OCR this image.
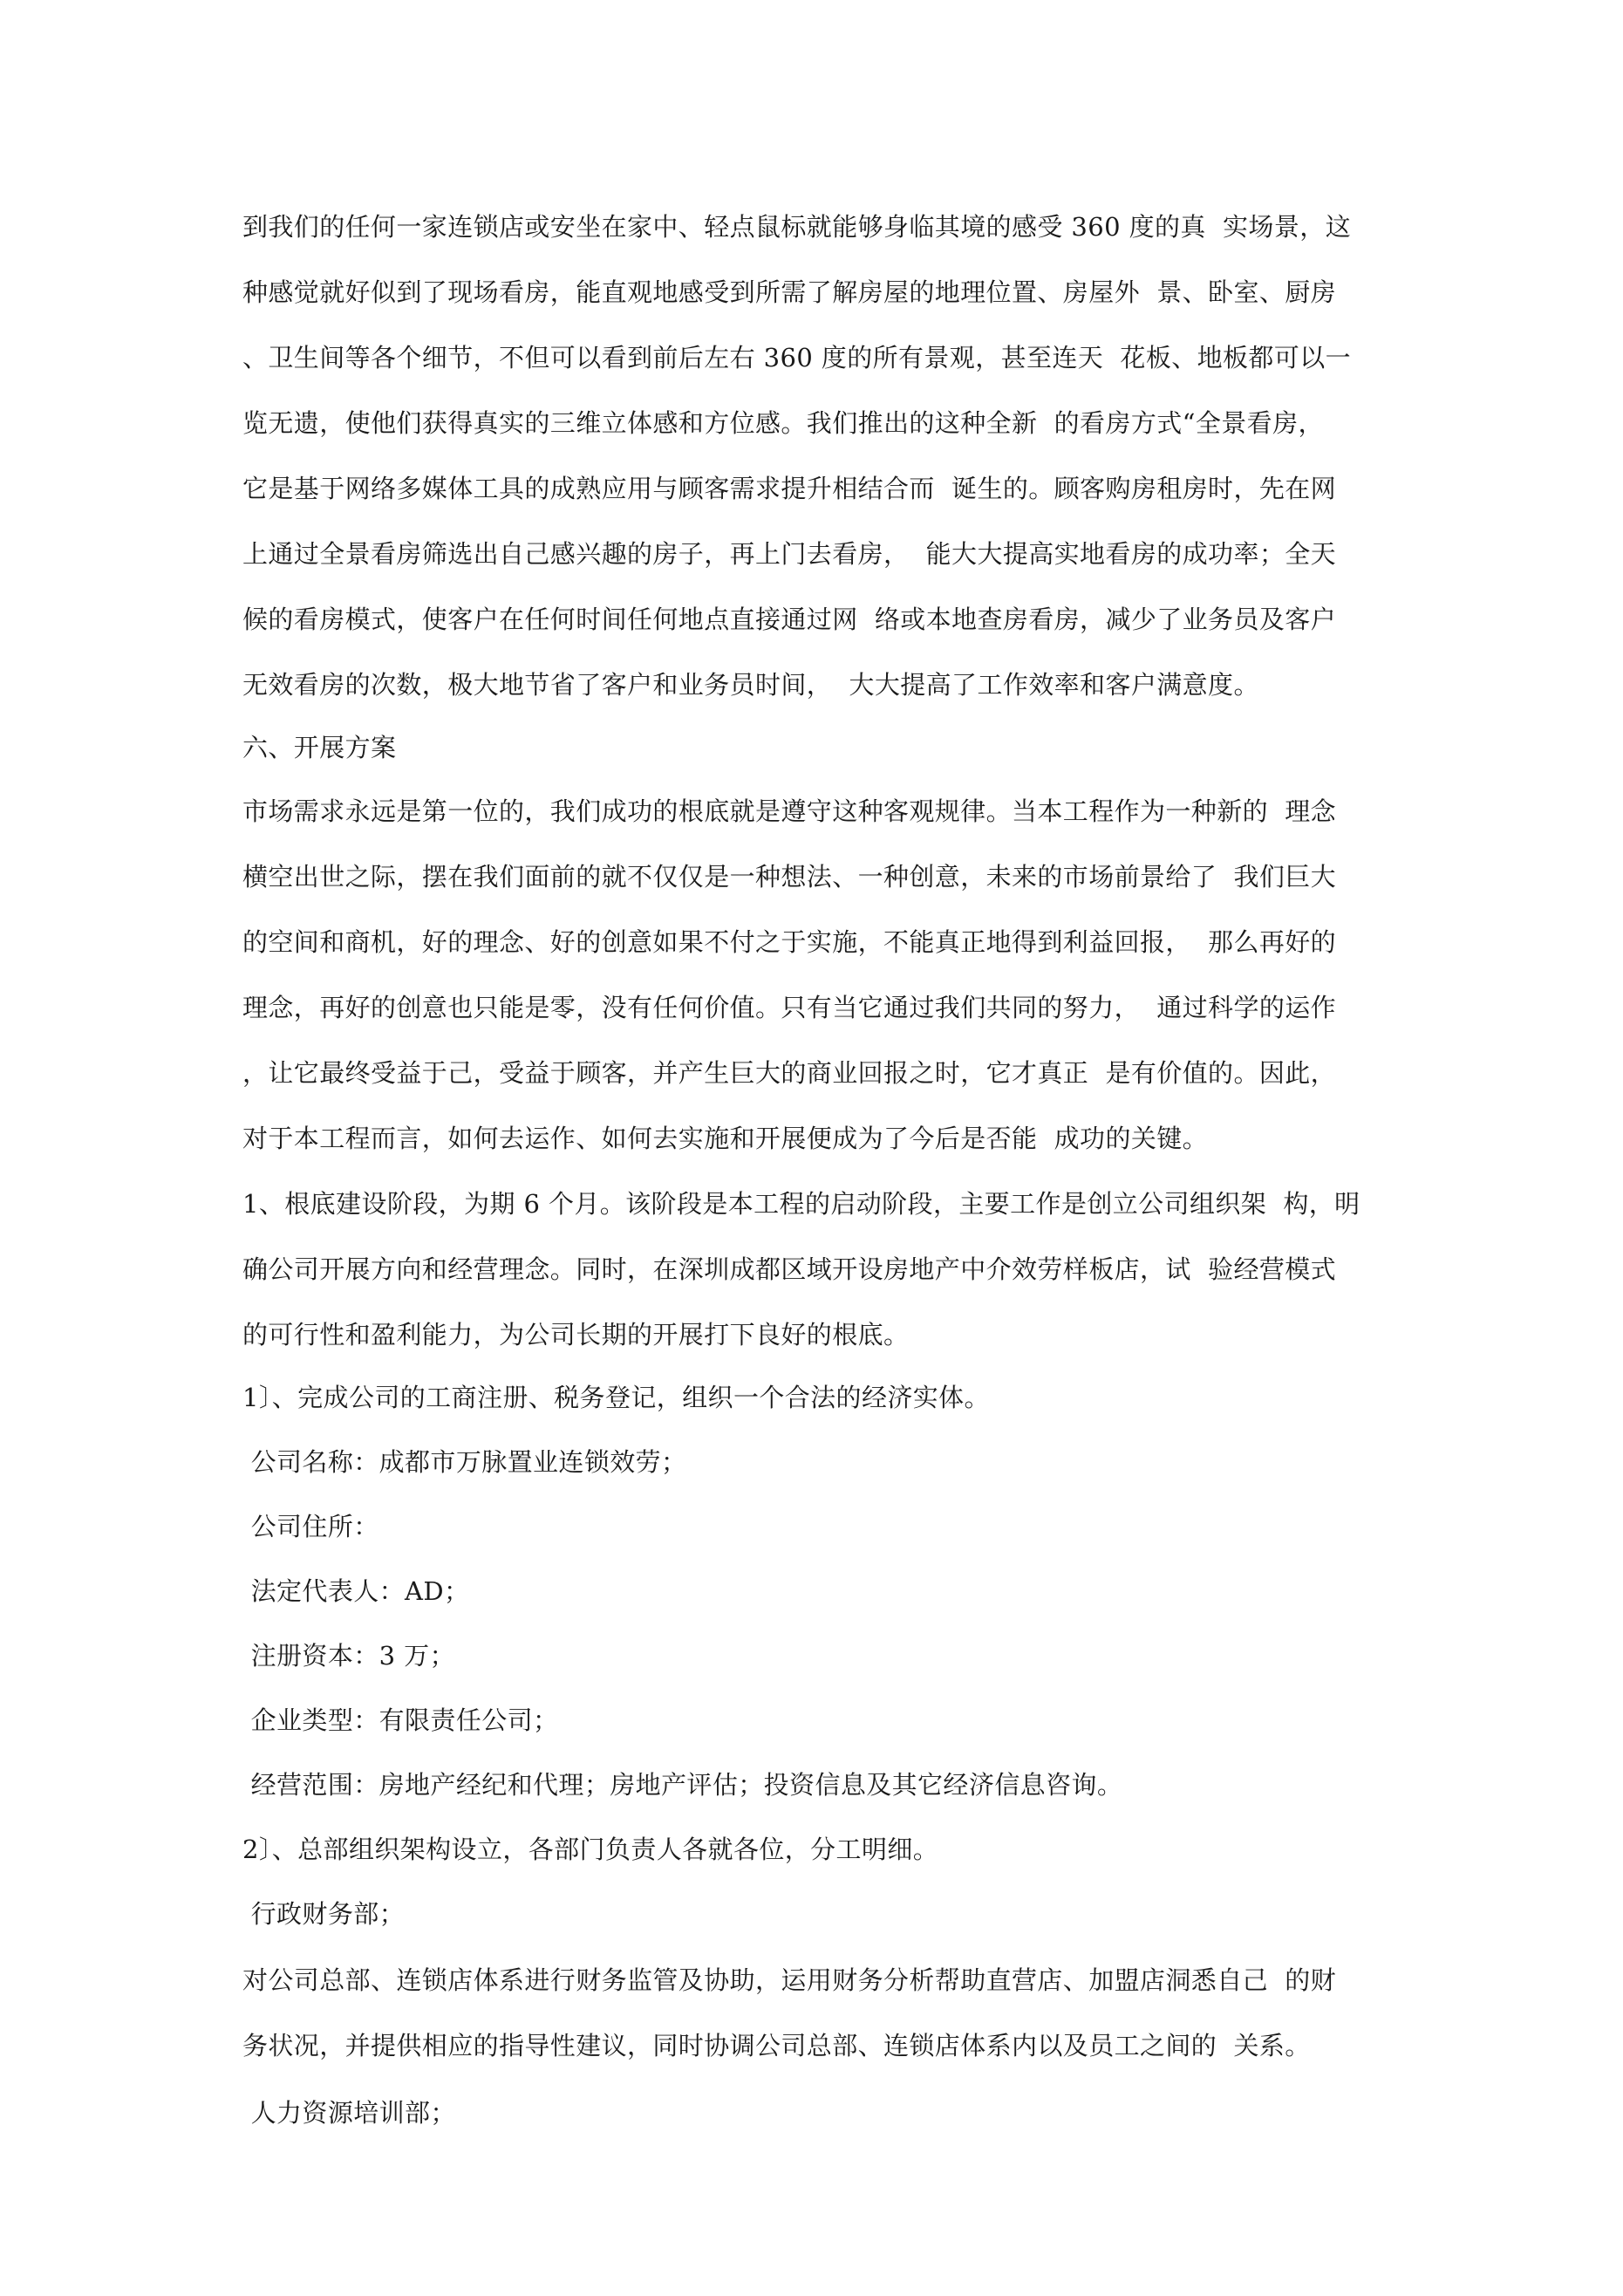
到我们的任何一家连锁店或安坐在家中、轻点鼠标就能够身临其境的感受 360 度的真  实场景，这
种感觉就好似到了现场看房，能直观地感受到所需了解房屋的地理位置、房屋外  景、卧室、厨房
、卫生间等各个细节，不但可以看到前后左右 360 度的所有景观，甚至连天  花板、地板都可以一
览无遗，使他们获得真实的三维立体感和方位感。我们推出的这种全新  的看房方式“全景看房，
它是基于网络多媒体工具的成熟应用与顾客需求提升相结合而  诞生的。顾客购房租房时，先在网
上通过全景看房筛选出自己感兴趣的房子，再上门去看房，  能大大提高实地看房的成功率；全天
候的看房模式，使客户在任何时间任何地点直接通过网  络或本地查房看房，减少了业务员及客户
无效看房的次数，极大地节省了客户和业务员时间，  大大提高了工作效率和客户满意度。
六、开展方案
市场需求永远是第一位的，我们成功的根底就是遵守这种客观规律。当本工程作为一种新的  理念
横空出世之际，摆在我们面前的就不仅仅是一种想法、一种创意，未来的市场前景给了  我们巨大
的空间和商机，好的理念、好的创意如果不付之于实施，不能真正地得到利益回报，  那么再好的
理念，再好的创意也只能是零，没有任何价值。只有当它通过我们共同的努力，  通过科学的运作
，让它最终受益于己，受益于顾客，并产生巨大的商业回报之时，它才真正  是有价值的。因此，
对于本工程而言，如何去运作、如何去实施和开展便成为了今后是否能  成功的关键。
1、根底建设阶段，为期 6 个月。该阶段是本工程的启动阶段，主要工作是创立公司组织架  构，明
确公司开展方向和经营理念。同时，在深圳成都区域开设房地产中介效劳样板店，试  验经营模式
的可行性和盈利能力，为公司长期的开展打下良好的根底。
1〕、完成公司的工商注册、税务登记，组织一个合法的经济实体。
公司名称：成都市万脉置业连锁效劳；
公司住所：
法定代表人：AD；
注册资本：3 万；
企业类型：有限责任公司；
经营范围：房地产经纪和代理；房地产评估；投资信息及其它经济信息咨询。
2〕、总部组织架构设立，各部门负责人各就各位，分工明细。
行政财务部；
对公司总部、连锁店体系进行财务监管及协助，运用财务分析帮助直营店、加盟店洞悉自己  的财
务状况，并提供相应的指导性建议，同时协调公司总部、连锁店体系内以及员工之间的  关系。
人力资源培训部；
